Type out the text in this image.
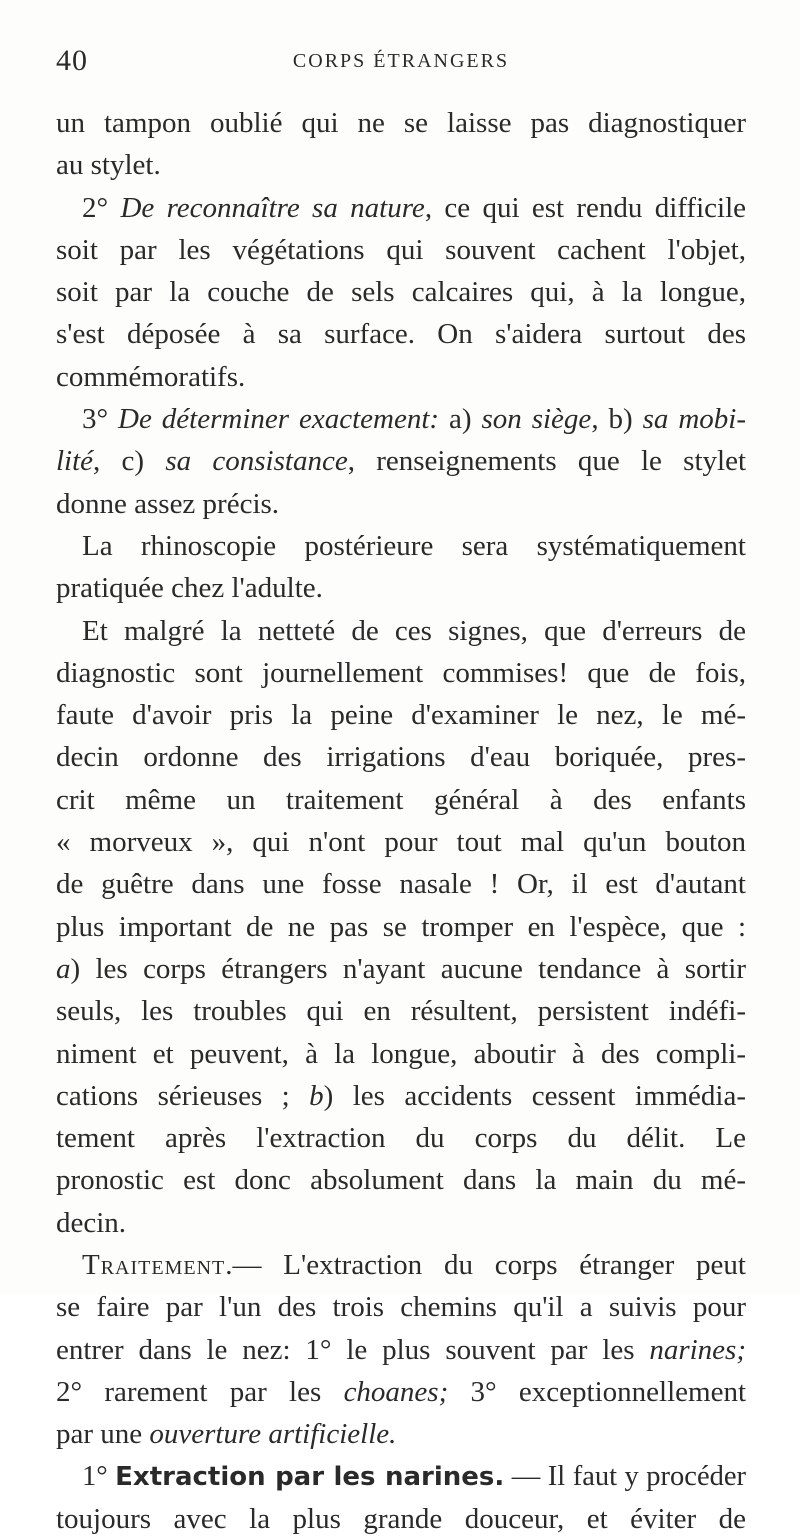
40	CORPS ÉTRANGERS
un tampon oublié qui ne se laisse pas diagnostiquer
au stylet.
2° De reconnaître sa nature, ce qui est rendu difficile
soit par les végétations qui souvent cachent l'objet,
soit par la couche de sels calcaires qui, à la longue,
s'est déposée à sa surface. On s'aidera surtout des
commémoratifs.
3° De déterminer exactement: a) son siège, b) sa mobi-
lité, c) sa consistance, renseignements que le stylet
donne assez précis.
La rhinoscopie postérieure sera systématiquement
pratiquée chez l'adulte.
Et malgré la netteté de ces signes, que d'erreurs de
diagnostic sont journellement commises! que de fois,
faute d'avoir pris la peine d'examiner le nez, le mé-
decin ordonne des irrigations d'eau boriquée, pres-
crit même un traitement général à des enfants
« morveux », qui n'ont pour tout mal qu'un bouton
de guêtre dans une fosse nasale ! Or, il est d'autant
plus important de ne pas se tromper en l'espèce, que :
a) les corps étrangers n'ayant aucune tendance à sortir
seuls, les troubles qui en résultent, persistent indéfi-
niment et peuvent, à la longue, aboutir à des compli-
cations sérieuses ; b) les accidents cessent immédia-
tement après l'extraction du corps du délit. Le
pronostic est donc absolument dans la main du mé-
decin.
Traitement.— L'extraction du corps étranger peut
se faire par l'un des trois chemins qu'il a suivis pour
entrer dans le nez: 1° le plus souvent par les narines;
2° rarement par les choanes; 3° exceptionnellement
par une ouverture artificielle.
1° Extraction par les narines. — Il faut y procéder
toujours avec la plus grande douceur, et éviter de
